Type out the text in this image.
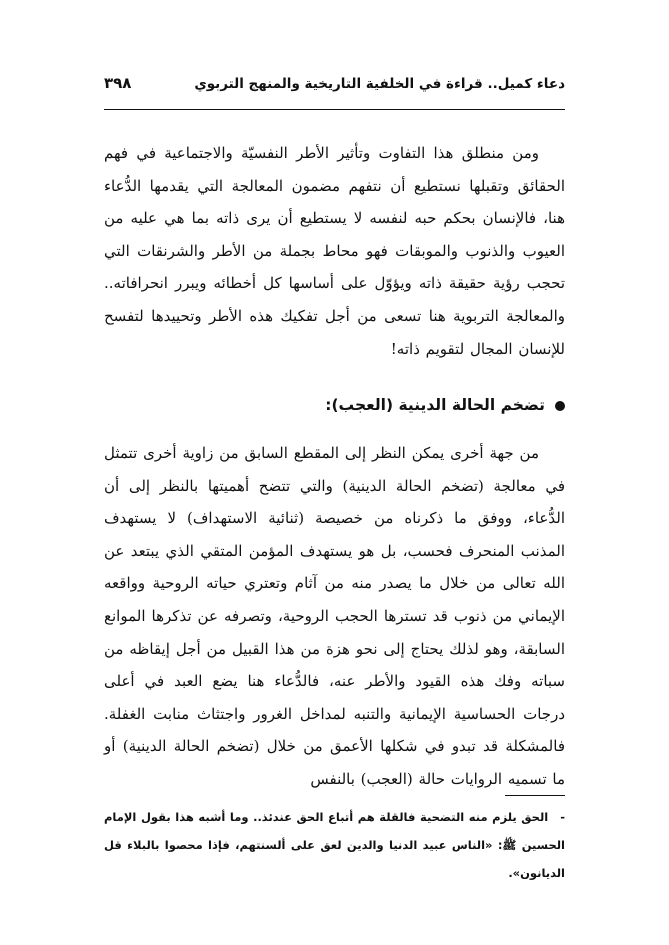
دعاء كميل.. قراءة في الخلفية التاريخية والمنهج التربوي
٣٩٨

ومن منطلق هذا التفاوت وتأثير الأطر النفسيّة والاجتماعية في فهم الحقائق وتقبلها نستطيع أن نتفهم مضمون المعالجة التي يقدمها الدُّعاء هنا، فالإنسان بحكم حبه لنفسه لا يستطيع أن يرى ذاته بما هي عليه من العيوب والذنوب والموبقات فهو محاط بجملة من الأطر والشرنقات التي تحجب رؤية حقيقة ذاته ويؤوّل على أساسها كل أخطائه ويبرر انحرافاته.. والمعالجة التربوية هنا تسعى من أجل تفكيك هذه الأطر وتحييدها لتفسح للإنسان المجال لتقويم ذاته!

تضخم الحالة الدينية (العجب):

من جهة أخرى يمكن النظر إلى المقطع السابق من زاوية أخرى تتمثل في معالجة (تضخم الحالة الدينية) والتي تتضح أهميتها بالنظر إلى أن الدُّعاء، ووفق ما ذكرناه من خصيصة (ثنائية الاستهداف) لا يستهدف المذنب المنحرف فحسب، بل هو يستهدف المؤمن المتقي الذي يبتعد عن الله تعالى من خلال ما يصدر منه من آثام وتعتري حياته الروحية وواقعه الإيماني من ذنوب قد تسترها الحجب الروحية، وتصرفه عن تذكرها الموانع السابقة، وهو لذلك يحتاج إلى نحو هزة من هذا القبيل من أجل إيقاظه من سباته وفك هذه القيود والأطر عنه، فالدُّعاء هنا يضع العبد في أعلى درجات الحساسية الإيمانية والتنبه لمداخل الغرور واجتثاث منابت الغفلة. فالمشكلة قد تبدو في شكلها الأعمق من خلال (تضخم الحالة الدينية) أو ما تسميه الروايات حالة (العجب) بالنفس

-الحق يلزم منه التضحية فالقلة هم أتباع الحق عندئذ.. وما أشبه هذا بقول الإمام الحسين ﷺ: «الناس عبيد الدنيا والدين لعق على ألسنتهم، فإذا محصوا بالبلاء قل الديانون».
